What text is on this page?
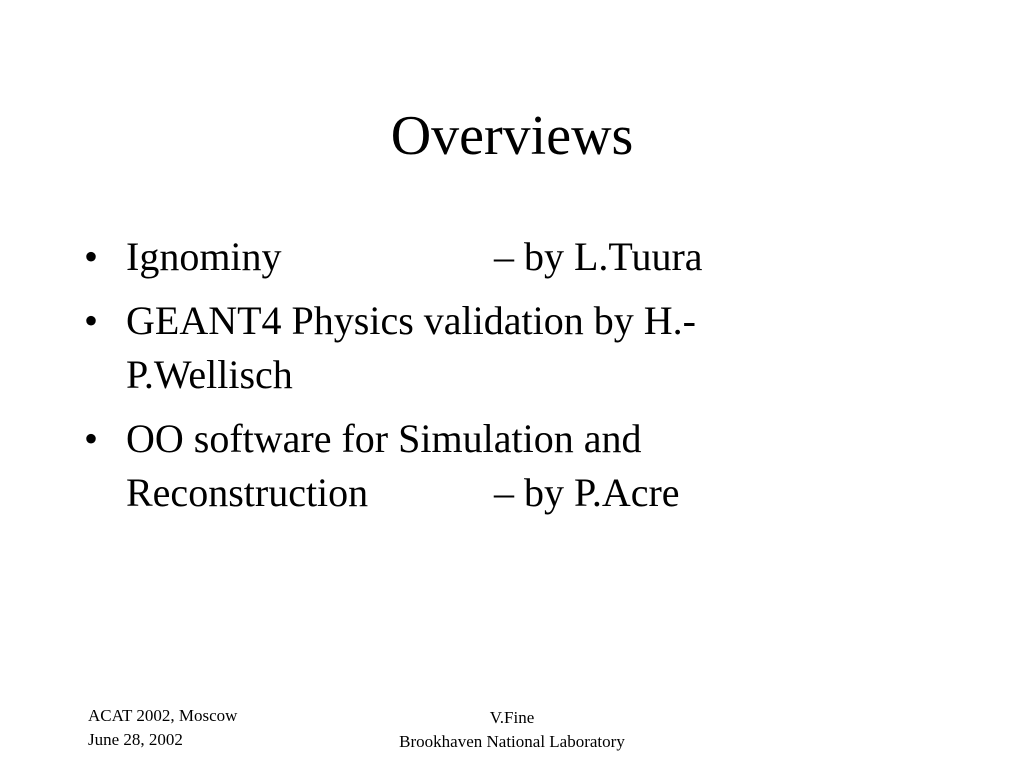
Overviews
• Ignominy	– by L.Tuura
• GEANT4 Physics validation by H.-
P.Wellisch
• OO software for Simulation and
Reconstruction	– by P.Acre
ACAT 2002, Moscow
June 28, 2002
V.Fine
Brookhaven National Laboratory
